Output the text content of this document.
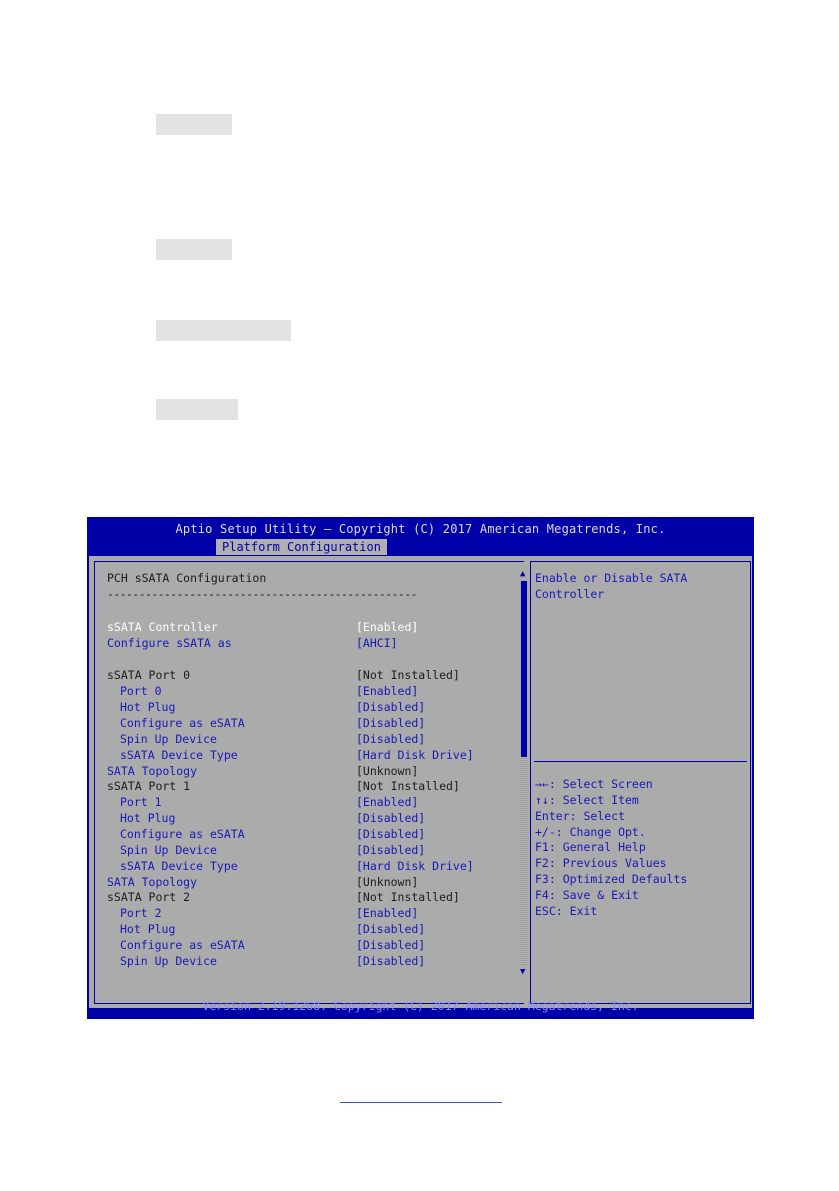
Aptio Setup Utility – Copyright (C) 2017 American Megatrends, Inc.
Platform Configuration
PCH sSATA Configuration
-------------------------------------------------
sSATA Controller	[Enabled]
Configure sSATA as	[AHCI]
sSATA Port 0	[Not Installed]
Port 0	[Enabled]
Hot Plug	[Disabled]
Configure as eSATA	[Disabled]
Spin Up Device	[Disabled]
sSATA Device Type	[Hard Disk Drive]
SATA Topology	[Unknown]
sSATA Port 1	[Not Installed]
Port 1	[Enabled]
Hot Plug	[Disabled]
Configure as eSATA	[Disabled]
Spin Up Device	[Disabled]
sSATA Device Type	[Hard Disk Drive]
SATA Topology	[Unknown]
sSATA Port 2	[Not Installed]
Port 2	[Enabled]
Hot Plug	[Disabled]
Configure as eSATA	[Disabled]
Spin Up Device	[Disabled]
▲
▼
Enable or Disable SATA
Controller
→←: Select Screen
↑↓: Select Item
Enter: Select
+/-: Change Opt.
F1: General Help
F2: Previous Values
F3: Optimized Defaults
F4: Save & Exit
ESC: Exit
Version 2.19.1268. Copyright (C) 2017 American Megatrends, Inc.
